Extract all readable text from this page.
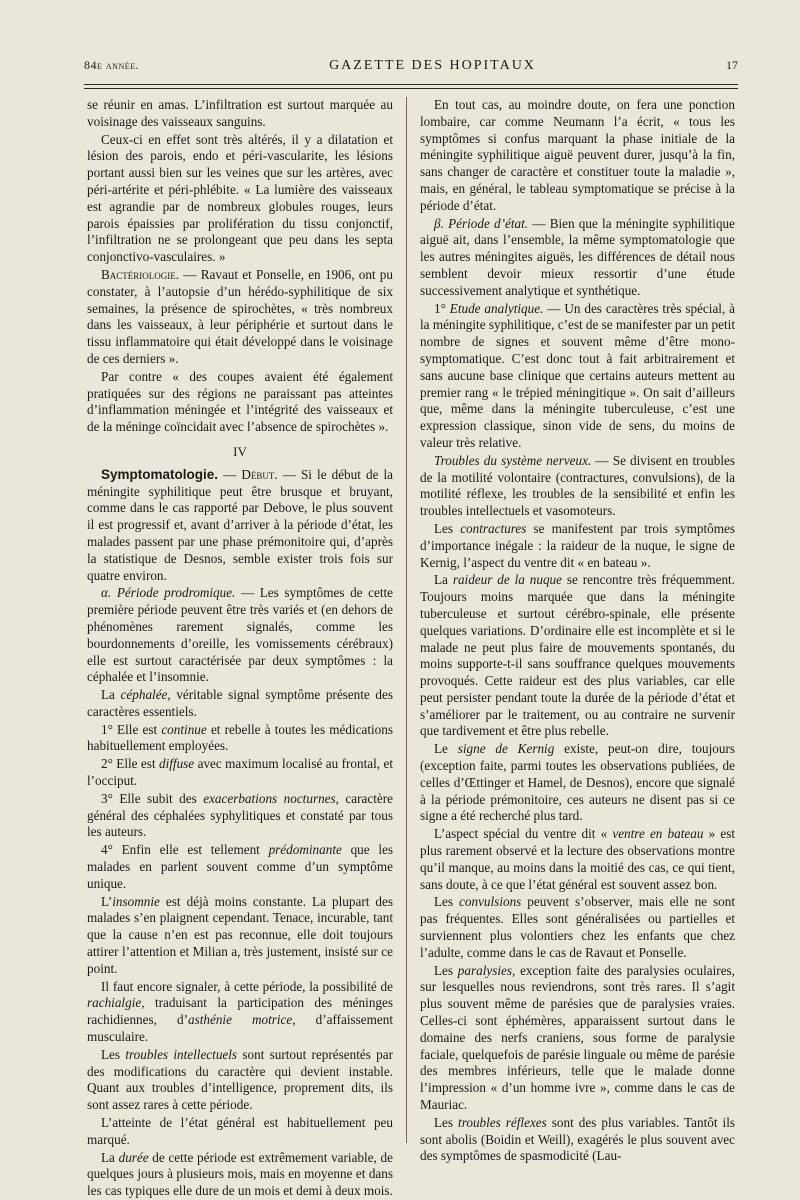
84e année.	GAZETTE DES HOPITAUX	17

se réunir en amas. L’infiltration est surtout marquée au voisinage des vaisseaux sanguins.

Ceux-ci en effet sont très altérés, il y a dilatation et lésion des parois, endo et péri-vascularite, les lésions portant aussi bien sur les veines que sur les artères, avec péri-artérite et péri-phlébite. « La lumière des vaisseaux est agrandie par de nombreux globules rouges, leurs parois épaissies par prolifération du tissu conjonctif, l’infiltration ne se prolongeant que peu dans les septa conjonctivo-vasculaires. »

Bactériologie. — Ravaut et Ponselle, en 1906, ont pu constater, à l’autopsie d’un hérédo-syphilitique de six semaines, la présence de spirochètes, « très nombreux dans les vaisseaux, à leur périphérie et surtout dans le tissu inflammatoire qui était développé dans le voisinage de ces derniers ».

Par contre « des coupes avaient été également pratiquées sur des régions ne paraissant pas atteintes d’inflammation méningée et l’intégrité des vaisseaux et de la méninge coïncidait avec l’absence de spirochètes ».

IV

Symptomatologie. — Début. — Si le début de la méningite syphilitique peut être brusque et bruyant, comme dans le cas rapporté par Debove, le plus souvent il est progressif et, avant d’arriver à la période d’état, les malades passent par une phase prémonitoire qui, d’après la statistique de Desnos, semble exister trois fois sur quatre environ.

α. Période prodromique. — Les symptômes de cette première période peuvent être très variés et (en dehors de phénomènes rarement signalés, comme les bourdonnements d’oreille, les vomissements cérébraux) elle est surtout caractérisée par deux symptômes : la céphalée et l’insomnie.

La céphalée, véritable signal symptôme présente des caractères essentiels.

1° Elle est continue et rebelle à toutes les médications habituellement employées.

2° Elle est diffuse avec maximum localisé au frontal, et l’occiput.

3° Elle subit des exacerbations nocturnes, caractère général des céphalées syphylitiques et constaté par tous les auteurs.

4° Enfin elle est tellement prédominante que les malades en parlent souvent comme d’un symptôme unique.

L’insomnie est déjà moins constante. La plupart des malades s’en plaignent cependant. Tenace, incurable, tant que la cause n’en est pas reconnue, elle doit toujours attirer l’attention et Milian a, très justement, insisté sur ce point.

Il faut encore signaler, à cette période, la possibilité de rachialgie, traduisant la participation des méninges rachidiennes, d’asthénie motrice, d’affaissement musculaire.

Les troubles intellectuels sont surtout représentés par des modifications du caractère qui devient instable. Quant aux troubles d’intelligence, proprement dits, ils sont assez rares à cette période.

L’atteinte de l’état général est habituellement peu marqué.

La durée de cette période est extrêmement variable, de quelques jours à plusieurs mois, mais en moyenne et dans les cas typiques elle dure de un mois et demi à deux mois.

En tout cas, au moindre doute, on fera une ponction lombaire, car comme Neumann l’a écrit, « tous les symptômes si confus marquant la phase initiale de la méningite syphilitique aiguë peuvent durer, jusqu’à la fin, sans changer de caractère et constituer toute la maladie », mais, en général, le tableau symptomatique se précise à la période d’état.

β. Période d’état. — Bien que la méningite syphilitique aiguë ait, dans l’ensemble, la même symptomatologie que les autres méningites aiguës, les différences de détail nous semblent devoir mieux ressortir d’une étude successivement analytique et synthétique.

1° Etude analytique. — Un des caractères très spécial, à la méningite syphilitique, c’est de se manifester par un petit nombre de signes et souvent même d’être mono-symptomatique. C’est donc tout à fait arbitrairement et sans aucune base clinique que certains auteurs mettent au premier rang « le trépied méningitique ». On sait d’ailleurs que, même dans la méningite tuberculeuse, c’est une expression classique, sinon vide de sens, du moins de valeur très relative.

Troubles du système nerveux. — Se divisent en troubles de la motilité volontaire (contractures, convulsions), de la motilité réflexe, les troubles de la sensibilité et enfin les troubles intellectuels et vasomoteurs.

Les contractures se manifestent par trois symptômes d’importance inégale : la raideur de la nuque, le signe de Kernig, l’aspect du ventre dit « en bateau ».

La raideur de la nuque se rencontre très fréquemment. Toujours moins marquée que dans la méningite tuberculeuse et surtout cérébro-spinale, elle présente quelques variations. D’ordinaire elle est incomplète et si le malade ne peut plus faire de mouvements spontanés, du moins supporte-t-il sans souffrance quelques mouvements provoqués. Cette raideur est des plus variables, car elle peut persister pendant toute la durée de la période d’état et s’améliorer par le traitement, ou au contraire ne survenir que tardivement et être plus rebelle.

Le signe de Kernig existe, peut-on dire, toujours (exception faite, parmi toutes les observations publiées, de celles d’Œttinger et Hamel, de Desnos), encore que signalé à la période prémonitoire, ces auteurs ne disent pas si ce signe a été recherché plus tard.

L’aspect spécial du ventre dit « ventre en bateau » est plus rarement observé et la lecture des observations montre qu’il manque, au moins dans la moitié des cas, ce qui tient, sans doute, à ce que l’état général est souvent assez bon.

Les convulsions peuvent s’observer, mais elle ne sont pas fréquentes. Elles sont généralisées ou partielles et surviennent plus volontiers chez les enfants que chez l’adulte, comme dans le cas de Ravaut et Ponselle.

Les paralysies, exception faite des paralysies oculaires, sur lesquelles nous reviendrons, sont très rares. Il s’agit plus souvent même de parésies que de paralysies vraies. Celles-ci sont éphémères, apparaissent surtout dans le domaine des nerfs craniens, sous forme de paralysie faciale, quelquefois de parésie linguale ou même de parésie des membres inférieurs, telle que le malade donne l’impression « d’un homme ivre », comme dans le cas de Mauriac.

Les troubles réflexes sont des plus variables. Tantôt ils sont abolis (Boidin et Weill), exagérés le plus souvent avec des symptômes de spasmodicité (Lau-
